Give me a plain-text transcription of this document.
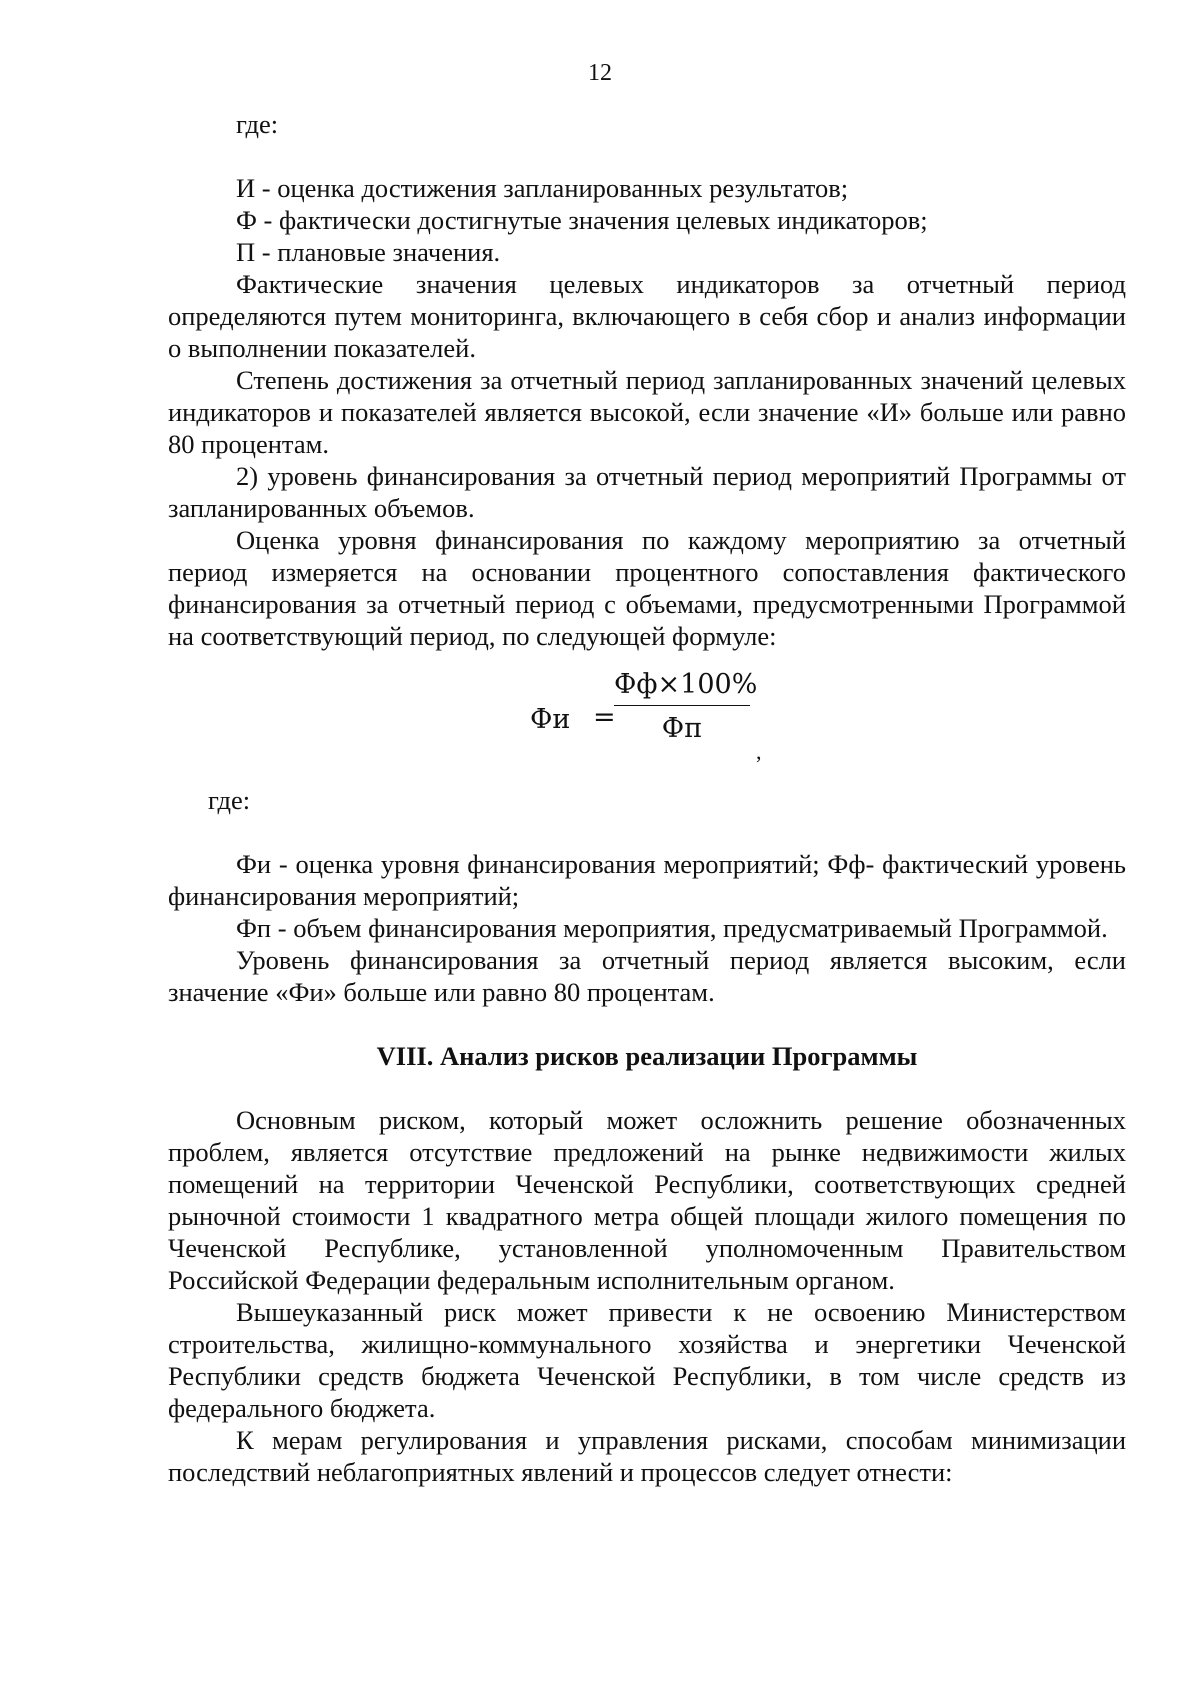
12

где:

И - оценка достижения запланированных результатов;
Ф - фактически достигнутые значения целевых индикаторов;
П - плановые значения.

Фактические значения целевых индикаторов за отчетный период определяются путем мониторинга, включающего в себя сбор и анализ информации о выполнении показателей.

Степень достижения за отчетный период запланированных значений целевых индикаторов и показателей является высокой, если значение «И» больше или равно 80 процентам.

2) уровень финансирования за отчетный период мероприятий Программы от запланированных объемов.

Оценка уровня финансирования по каждому мероприятию за отчетный период измеряется на основании процентного сопоставления фактического финансирования за отчетный период с объемами, предусмотренными Программой на соответствующий период, по следующей формуле:

Фи =
Фф×100%
Фп
,

где:

Фи - оценка уровня финансирования мероприятий; Фф- фактический уровень финансирования мероприятий;

Фп - объем финансирования мероприятия, предусматриваемый Программой.

Уровень финансирования за отчетный период является высоким, если значение «Фи» больше или равно 80 процентам.

VIII. Анализ рисков реализации Программы

Основным риском, который может осложнить решение обозначенных проблем, является отсутствие предложений на рынке недвижимости жилых помещений на территории Чеченской Республики, соответствующих средней рыночной стоимости 1 квадратного метра общей площади жилого помещения по Чеченской Республике, установленной уполномоченным Правительством Российской Федерации федеральным исполнительным органом.

Вышеуказанный риск может привести к не освоению Министерством строительства, жилищно-коммунального хозяйства и энергетики Чеченской Республики средств бюджета Чеченской Республики, в том числе средств из федерального бюджета.

К мерам регулирования и управления рисками, способам минимизации последствий неблагоприятных явлений и процессов следует отнести:
